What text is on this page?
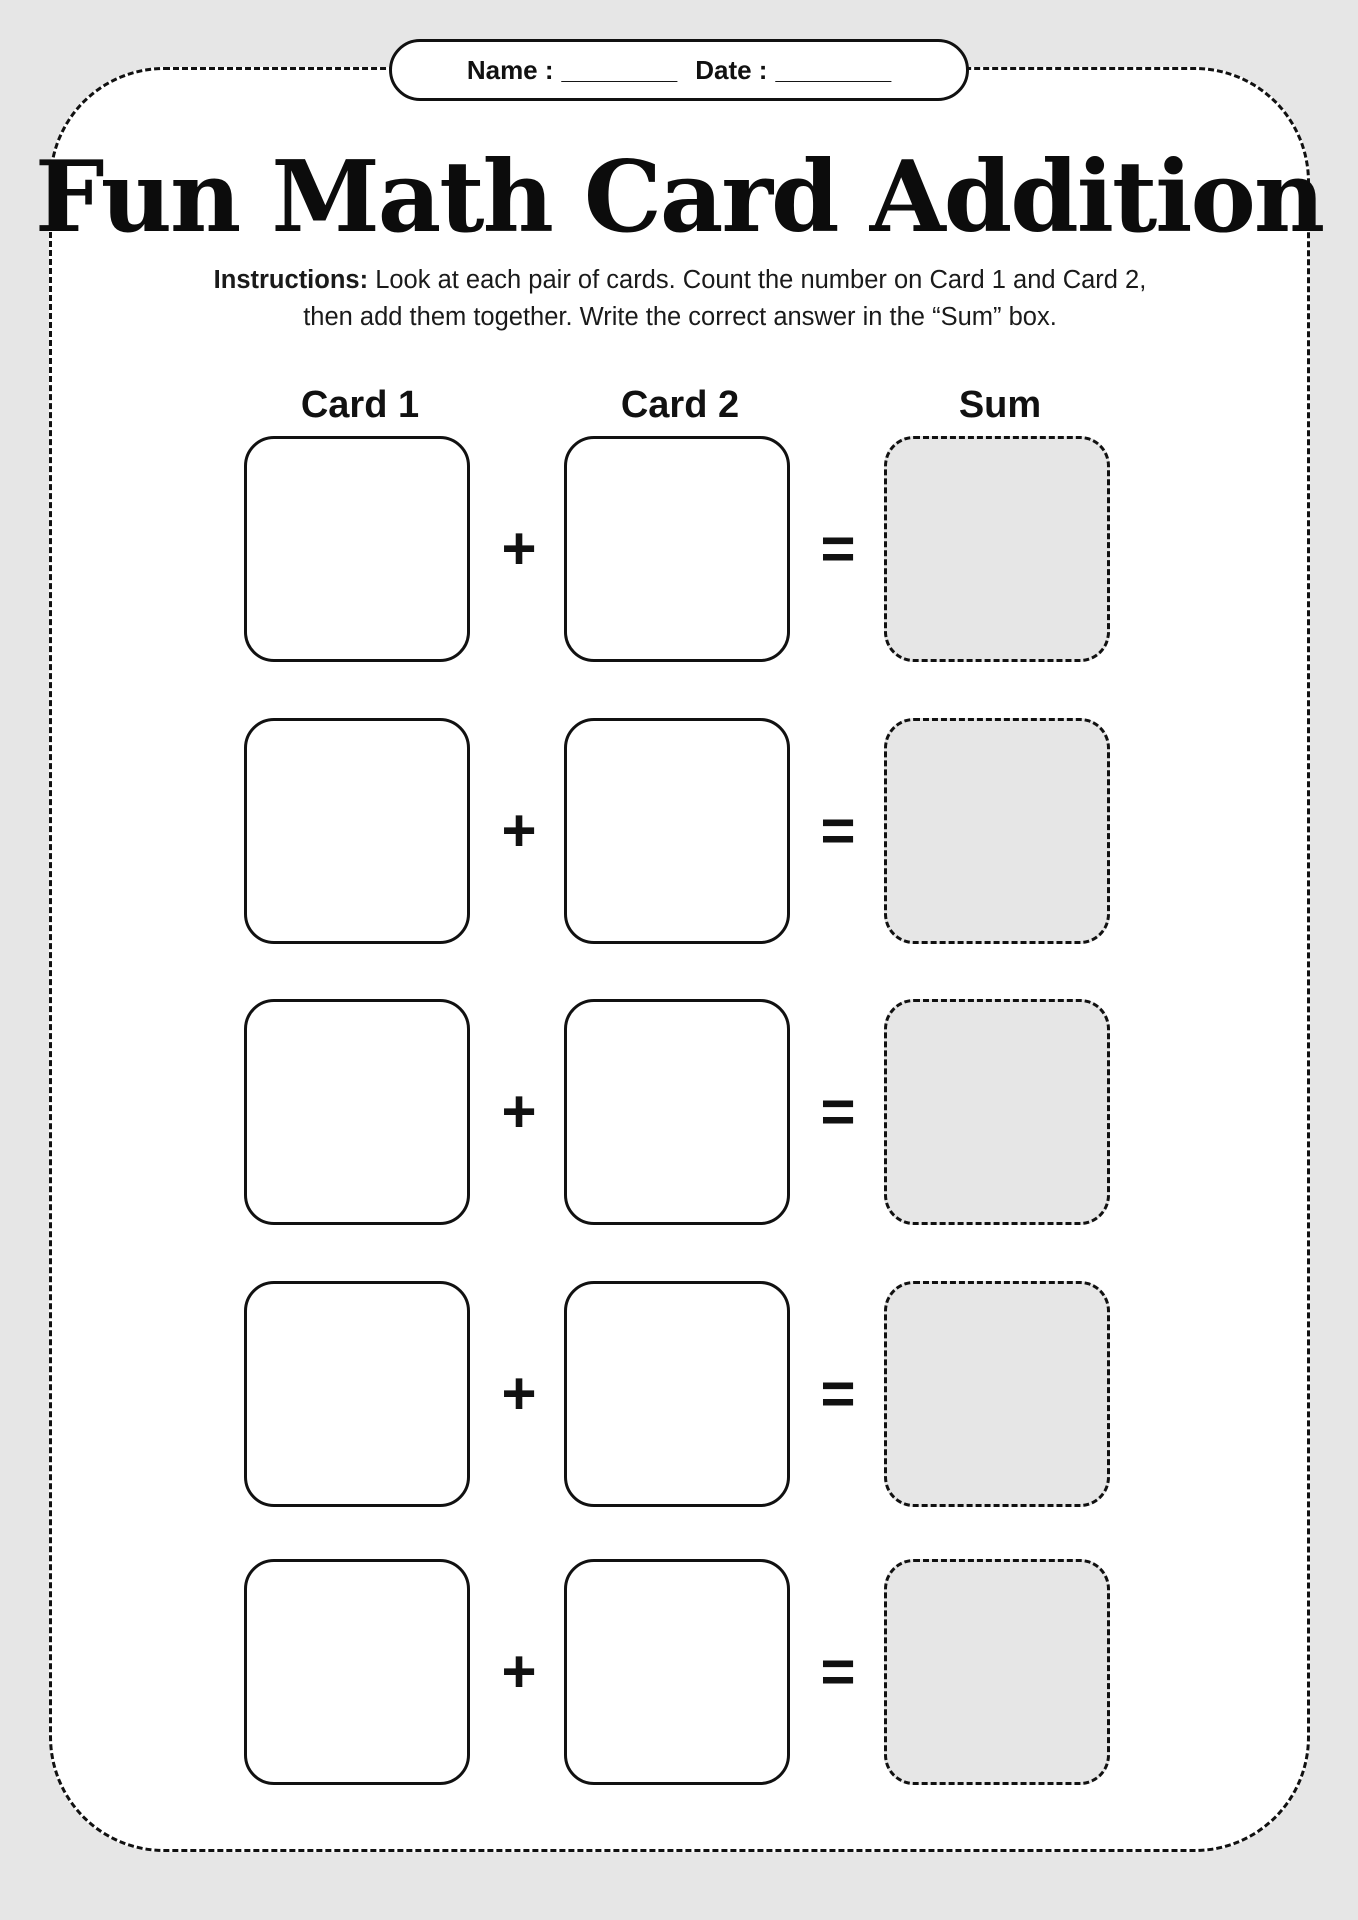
Name : ________ Date : ________
Fun Math Card Addition
Instructions: Look at each pair of cards. Count the number on Card 1 and Card 2,
then add them together. Write the correct answer in the “Sum” box.
Card 1	Card 2	Sum
+	=
+	=
+	=
+	=
+	=
